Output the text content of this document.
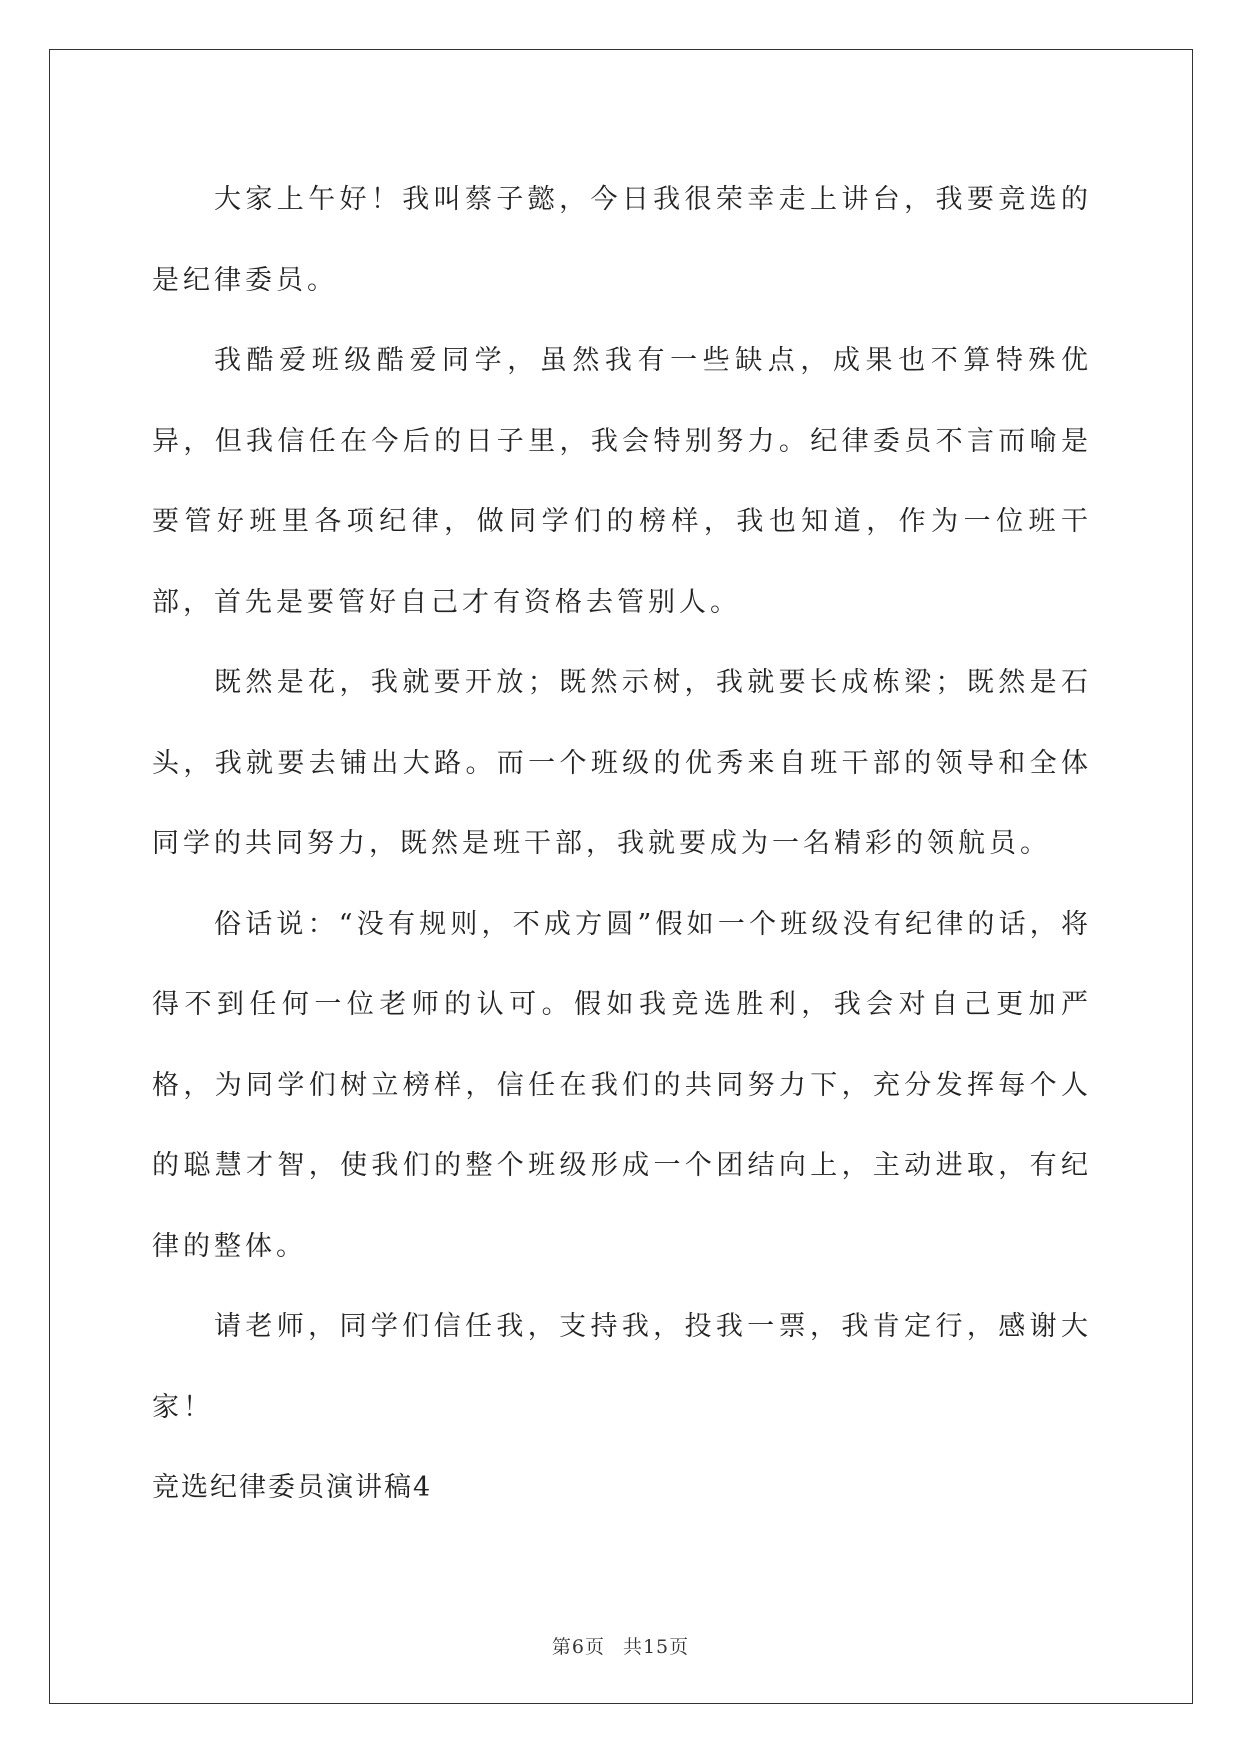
大家上午好！我叫蔡子懿，今日我很荣幸走上讲台，我要竞选的是纪律委员。

我酷爱班级酷爱同学，虽然我有一些缺点，成果也不算特殊优异，但我信任在今后的日子里，我会特别努力。纪律委员不言而喻是要管好班里各项纪律，做同学们的榜样，我也知道，作为一位班干部，首先是要管好自己才有资格去管别人。

既然是花，我就要开放；既然示树，我就要长成栋梁；既然是石头，我就要去铺出大路。而一个班级的优秀来自班干部的领导和全体同学的共同努力，既然是班干部，我就要成为一名精彩的领航员。

俗话说：“没有规则，不成方圆”假如一个班级没有纪律的话，将得不到任何一位老师的认可。假如我竞选胜利，我会对自己更加严格，为同学们树立榜样，信任在我们的共同努力下，充分发挥每个人的聪慧才智，使我们的整个班级形成一个团结向上，主动进取，有纪律的整体。

请老师，同学们信任我，支持我，投我一票，我肯定行，感谢大家！

竞选纪律委员演讲稿4

第6页 共15页
